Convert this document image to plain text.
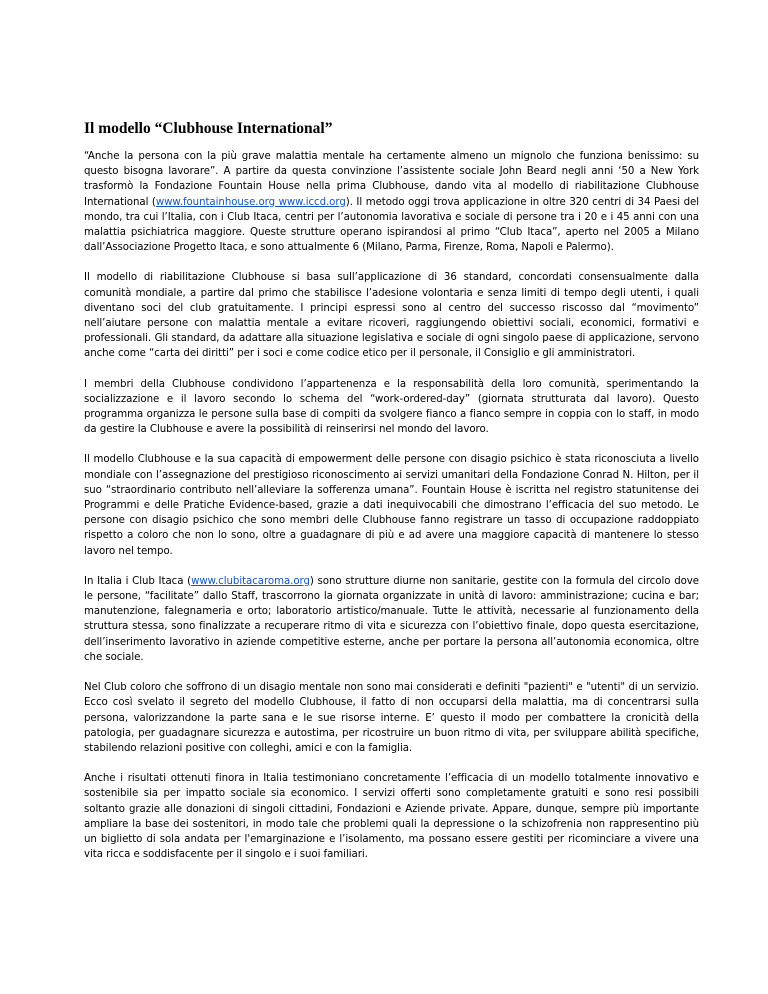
Il modello “Clubhouse International”

“Anche la persona con la più grave malattia mentale ha certamente almeno un mignolo che funziona benissimo: su questo bisogna lavorare”. A partire da questa convinzione l’assistente sociale John Beard negli anni ‘50 a New York trasformò la Fondazione Fountain House nella prima Clubhouse, dando vita al modello di riabilitazione Clubhouse International (www.fountainhouse.org www.iccd.org). Il metodo oggi trova applicazione in oltre 320 centri di 34 Paesi del mondo, tra cui l’Italia, con i Club Itaca, centri per l’autonomia lavorativa e sociale di persone tra i 20 e i 45 anni con una malattia psichiatrica maggiore. Queste strutture operano ispirandosi al primo “Club Itaca”, aperto nel 2005 a Milano dall’Associazione Progetto Itaca, e sono attualmente 6 (Milano, Parma, Firenze, Roma, Napoli e Palermo).

Il modello di riabilitazione Clubhouse si basa sull’applicazione di 36 standard, concordati consensualmente dalla comunità mondiale, a partire dal primo che stabilisce l’adesione volontaria e senza limiti di tempo degli utenti, i quali diventano soci del club gratuitamente. I principi espressi sono al centro del successo riscosso dal “movimento” nell’aiutare persone con malattia mentale a evitare ricoveri, raggiungendo obiettivi sociali, economici, formativi e professionali. Gli standard, da adattare alla situazione legislativa e sociale di ogni singolo paese di applicazione, servono anche come “carta dei diritti” per i soci e come codice etico per il personale, il Consiglio e gli amministratori.

I membri della Clubhouse condividono l’appartenenza e la responsabilità della loro comunità, sperimentando la socializzazione e il lavoro secondo lo schema del “work-ordered-day” (giornata strutturata dal lavoro). Questo programma organizza le persone sulla base di compiti da svolgere fianco a fianco sempre in coppia con lo staff, in modo da gestire la Clubhouse e avere la possibilità di reinserirsi nel mondo del lavoro.

Il modello Clubhouse e la sua capacità di empowerment delle persone con disagio psichico è stata riconosciuta a livello mondiale con l’assegnazione del prestigioso riconoscimento ai servizi umanitari della Fondazione Conrad N. Hilton, per il suo “straordinario contributo nell’alleviare la sofferenza umana”. Fountain House è iscritta nel registro statunitense dei Programmi e delle Pratiche Evidence-based, grazie a dati inequivocabili che dimostrano l’efficacia del suo metodo. Le persone con disagio psichico che sono membri delle Clubhouse fanno registrare un tasso di occupazione raddoppiato rispetto a coloro che non lo sono, oltre a guadagnare di più e ad avere una maggiore capacità di mantenere lo stesso lavoro nel tempo.

In Italia i Club Itaca (www.clubitacaroma.org) sono strutture diurne non sanitarie, gestite con la formula del circolo dove le persone, “facilitate” dallo Staff, trascorrono la giornata organizzate in unità di lavoro: amministrazione; cucina e bar; manutenzione, falegnameria e orto; laboratorio artistico/manuale. Tutte le attività, necessarie al funzionamento della struttura stessa, sono finalizzate a recuperare ritmo di vita e sicurezza con l’obiettivo finale, dopo questa esercitazione, dell’inserimento lavorativo in aziende competitive esterne, anche per portare la persona all’autonomia economica, oltre che sociale.

Nel Club coloro che soffrono di un disagio mentale non sono mai considerati e definiti "pazienti" e "utenti" di un servizio. Ecco così svelato il segreto del modello Clubhouse, il fatto di non occuparsi della malattia, ma di concentrarsi sulla persona, valorizzandone la parte sana e le sue risorse interne. E’ questo il modo per combattere la cronicità della patologia, per guadagnare sicurezza e autostima, per ricostruire un buon ritmo di vita, per sviluppare abilità specifiche, stabilendo relazioni positive con colleghi, amici e con la famiglia.

Anche i risultati ottenuti finora in Italia testimoniano concretamente l’efficacia di un modello totalmente innovativo e sostenibile sia per impatto sociale sia economico. I servizi offerti sono completamente gratuiti e sono resi possibili soltanto grazie alle donazioni di singoli cittadini, Fondazioni e Aziende private. Appare, dunque, sempre più importante ampliare la base dei sostenitori, in modo tale che problemi quali la depressione o la schizofrenia non rappresentino più un biglietto di sola andata per l'emarginazione e l’isolamento, ma possano essere gestiti per ricominciare a vivere una vita ricca e soddisfacente per il singolo e i suoi familiari.
